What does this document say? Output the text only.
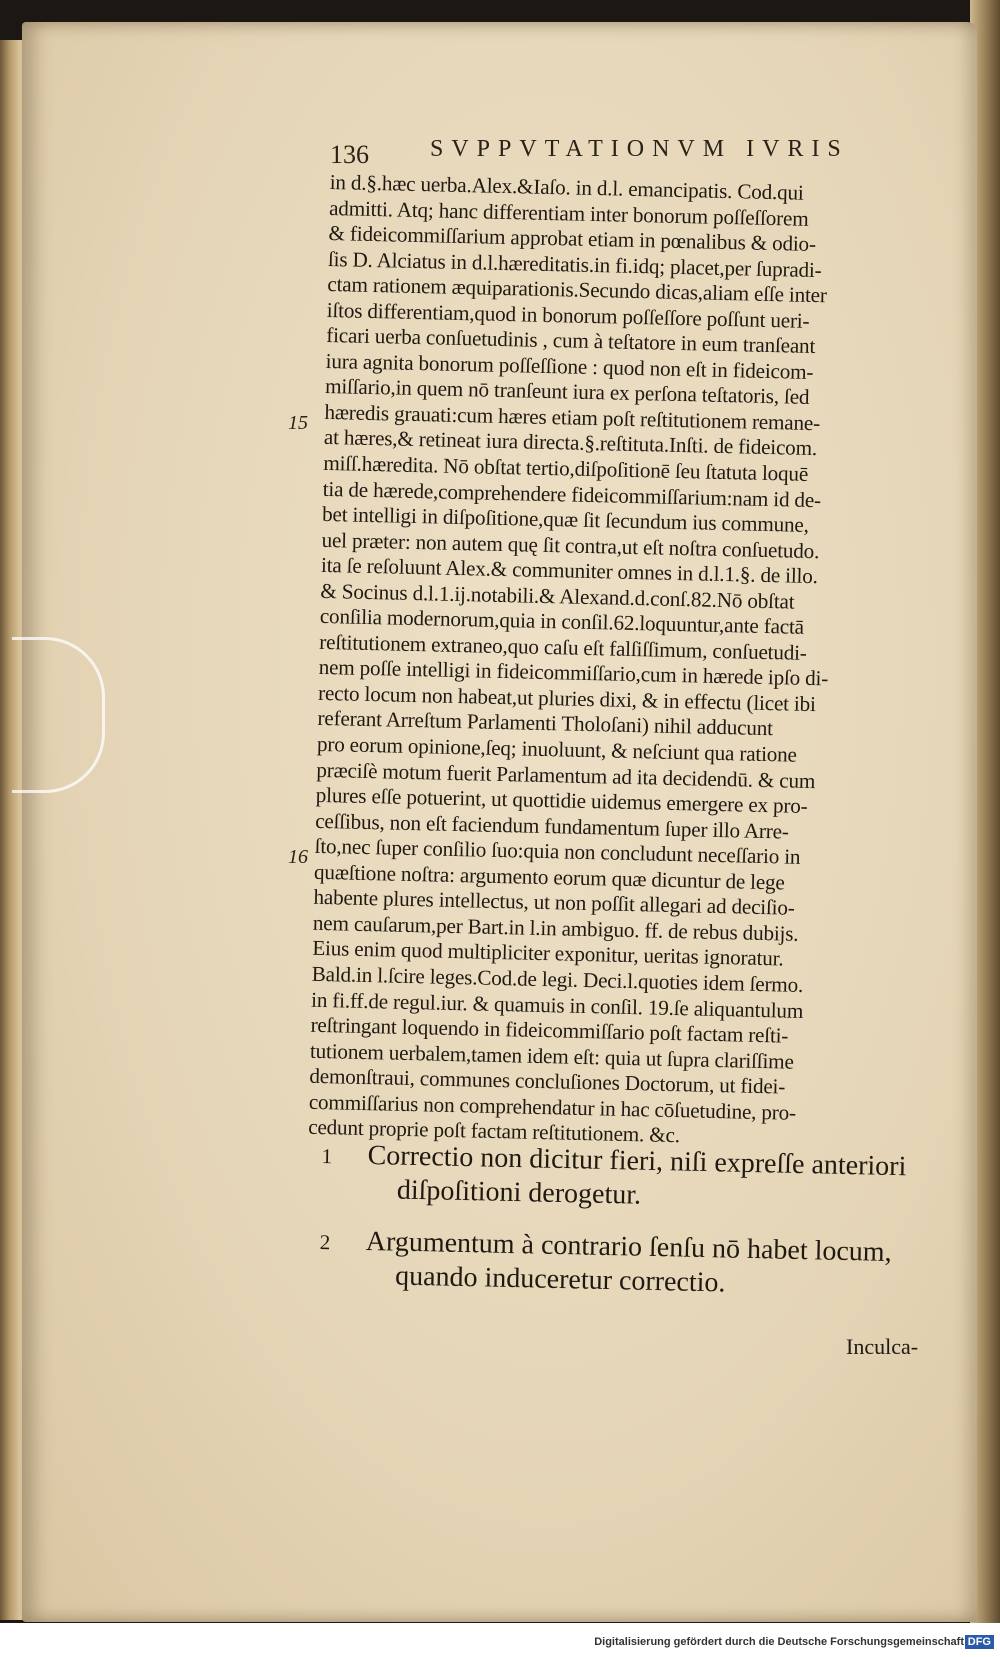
136	SVPPVTATIONVM IVRIS
15
16
in d.§.hæc uerba.Alex.&Iaſo. in d.l. emancipatis. Cod.qui
admitti. Atq; hanc differentiam inter bonorum poſſeſſorem
& fideicommiſſarium approbat etiam in pœnalibus & odio-
ſis D. Alciatus in d.l.hæreditatis.in fi.idq; placet,per ſupradi-
ctam rationem æquiparationis.Secundo dicas,aliam eſſe inter
iſtos differentiam,quod in bonorum poſſeſſore poſſunt ueri-
ficari uerba conſuetudinis , cum à teſtatore in eum tranſeant
iura agnita bonorum poſſeſſione : quod non eſt in fideicom-
miſſario,in quem nō tranſeunt iura ex perſona teſtatoris, ſed
hæredis grauati:cum hæres etiam poſt reſtitutionem remane-
at hæres,& retineat iura directa.§.reſtituta.Inſti. de fideicom.
miſſ.hæredita. Nō obſtat tertio,diſpoſitionē ſeu ſtatuta loquē
tia de hærede,comprehendere fideicommiſſarium:nam id de-
bet intelligi in diſpoſitione,quæ ſit ſecundum ius commune,
uel præter: non autem quę ſit contra,ut eſt noſtra conſuetudo.
ita ſe reſoluunt Alex.& communiter omnes in d.l.1.§. de illo.
& Socinus d.l.1.ij.notabili.& Alexand.d.conſ.82.Nō obſtat
conſilia modernorum,quia in conſil.62.loquuntur,ante factā
reſtitutionem extraneo,quo caſu eſt falſiſſimum, conſuetudi-
nem poſſe intelligi in fideicommiſſario,cum in hærede ipſo di-
recto locum non habeat,ut pluries dixi, & in effectu (licet ibi
referant Arreſtum Parlamenti Tholoſani) nihil adducunt
pro eorum opinione,ſeq; inuoluunt, & neſciunt qua ratione
præciſè motum fuerit Parlamentum ad ita decidendū. & cum
plures eſſe potuerint, ut quottidie uidemus emergere ex pro-
ceſſibus, non eſt faciendum fundamentum ſuper illo Arre-
ſto,nec ſuper conſilio ſuo:quia non concludunt neceſſario in
quæſtione noſtra: argumento eorum quæ dicuntur de lege
habente plures intellectus, ut non poſſit allegari ad deciſio-
nem cauſarum,per Bart.in l.in ambiguo. ff. de rebus dubijs.
Eius enim quod multipliciter exponitur, ueritas ignoratur.
Bald.in l.ſcire leges.Cod.de legi. Deci.l.quoties idem ſermo.
in fi.ff.de regul.iur. & quamuis in conſil. 19.ſe aliquantulum
reſtringant loquendo in fideicommiſſario poſt factam reſti-
tutionem uerbalem,tamen idem eſt: quia ut ſupra clariſſime
demonſtraui, communes concluſiones Doctorum, ut fidei-
commiſſarius non comprehendatur in hac cōſuetudine, pro-
cedunt proprie poſt factam reſtitutionem. &c.
1 Correctio non dicitur fieri, niſi expreſſe anteriori
diſpoſitioni derogetur.
2 Argumentum à contrario ſenſu nō habet locum,
quando induceretur correctio.
Inculca-
Digitalisierung gefördert durch die Deutsche Forschungsgemeinschaft DFG
